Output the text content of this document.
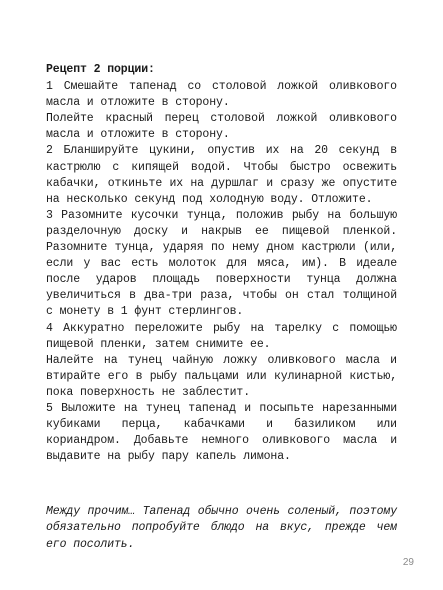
Рецепт 2 порции:

1 Смешайте тапенад со столовой ложкой оливкового масла и отложите в сторону.

Полейте красный перец столовой ложкой оливкового масла и отложите в сторону.

2 Бланшируйте цукини, опустив их на 20 секунд в кастрюлю с кипящей водой. Чтобы быстро освежить кабачки, откиньте их на дуршлаг и сразу же опустите на несколько секунд под холодную воду. Отложите.

3 Разомните кусочки тунца, положив рыбу на большую разделочную доску и накрыв ее пищевой пленкой. Разомните тунца, ударяя по нему дном кастрюли (или, если у вас есть молоток для мяса, им). В идеале после ударов площадь поверхности тунца должна увеличиться в два-три раза, чтобы он стал толщиной с монету в 1 фунт стерлингов.

4 Аккуратно переложите рыбу на тарелку с помощью пищевой пленки, затем снимите ее.

Налейте на тунец чайную ложку оливкового масла и втирайте его в рыбу пальцами или кулинарной кистью, пока поверхность не заблестит.

5 Выложите на тунец тапенад и посыпьте нарезанными кубиками перца, кабачками и базиликом или кориандром. Добавьте немного оливкового масла и выдавите на рыбу пару капель лимона.

Между прочим… Тапенад обычно очень соленый, поэтому обязательно попробуйте блюдо на вкус, прежде чем его посолить.

29
